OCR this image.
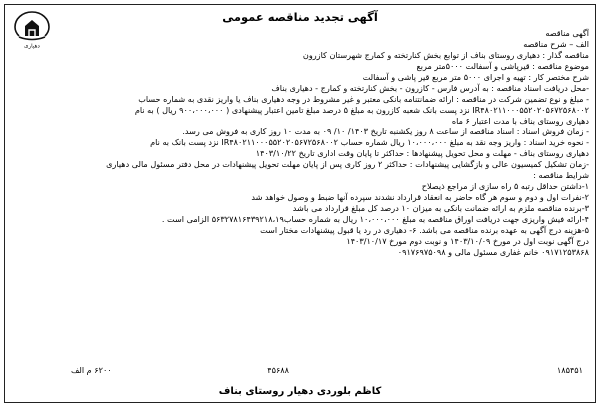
دهیاری
آگهی تجدید مناقصه عمومی
آگهی مناقصه
الف – شرح مناقصه
مناقصه گذار : دهیاری روستای بناف از توابع بخش کنارتخته و کمارج شهرستان کازرون
موضوع مناقصه : قیرپاشی و آسفالت ۵۰۰۰متر مربع
شرح مختصر کار : تهیه و اجرای ۵۰۰۰ متر مربع قیر پاشی و آسفالت
-محل دریافت اسناد مناقصه : به آدرس فارس - کازرون - بخش کنارتخته و کمارج - دهیاری بناف
- مبلغ و نوع تضمین شرکت در مناقصه : ارائه ضمانتنامه بانکی معتبر و غیر مشروط در وجه دهیاری بناف یا واریز نقدی به شماره حساب
IR۴۸۰۲۱۱۰۰۰۵۵۲۰۲۰۵۶۷۲۵۶۸۰۰۲ نزد پست بانک شعبه کازرون به مبلغ ۵ درصد مبلغ تامین اعتبار پیشنهادی ( ۹۰۰،۰۰۰،۰۰۰ ریال ) به نام
دهیاری روستای بناف با مدت اعتبار ۶ ماه
- زمان فروش اسناد : اسناد مناقصه از ساعت ۸ روز یکشنبه تاریخ ۱۴۰۳/ ۱۰/ ۰۹ به مدت ۱۰ روز کاری به فروش می رسد.
- نحوه خرید اسناد : واریز وجه نقد به مبلغ ۱۰،۰۰۰،۰۰۰ ریال شماره حساب IR۴۸۰۲۱۱۰۰۰۵۵۲۰۲۰۵۶۷۲۵۶۸۰۰۲ نزد پست بانک به نام
دهیاری روستای بناف - مهلت و محل تحویل پیشنهادها : حداکثر تا پایان وقت اداری تاریخ ۱۴۰۳/۱۰/۲۲
-زمان تشکیل کمیسیون عالی و بازگشایی پیشنهادات : حداکثر ۲ روز کاری پس از پایان مهلت تحویل پیشنهادات در محل دفتر مسئول مالی دهیاری
شرایط مناقصه :
۱-داشتن حداقل رتبه ۵ راه سازی از مراجع ذیصلاح
۲-نفرات اول و دوم و سوم هر گاه حاضر به انعقاد قرارداد نشدند سپرده آنها ضبط و وصول خواهد شد
۳-برنده مناقصه ملزم به ارائه ضمانت بانکی به میزان ۱۰ درصد کل مبلغ قرارداد می باشد
۴-ارائه فیش واریزی جهت دریافت اوراق مناقصه به مبلغ ۱۰،۰۰۰،۰۰۰ ریال به شماره حساب۵۶۳۲۷۸۱۶۴۳۹۲۱۸،۱۹ الزامی است .
۵-هزینه درج آگهی به عهده برنده مناقصه می باشد. ۶- دهیاری در رد یا قبول پیشنهادات مختار است
درج آگهی نوبت اول در مورخ ۱۴۰۳/۱۰/۰۹ و نوبت دوم مورخ ۱۴۰۳/۱۰/۱۷
۰۹۱۷۱۲۵۳۸۶۸ خانم غفاری مسئول مالی و ۰۹۱۷۶۹۷۵۰۹۸
۱۸۵۴۵۱
۴۵۶۸۸
۶۲۰۰ م الف
کاظم بلوردی دهیار روستای بناف
